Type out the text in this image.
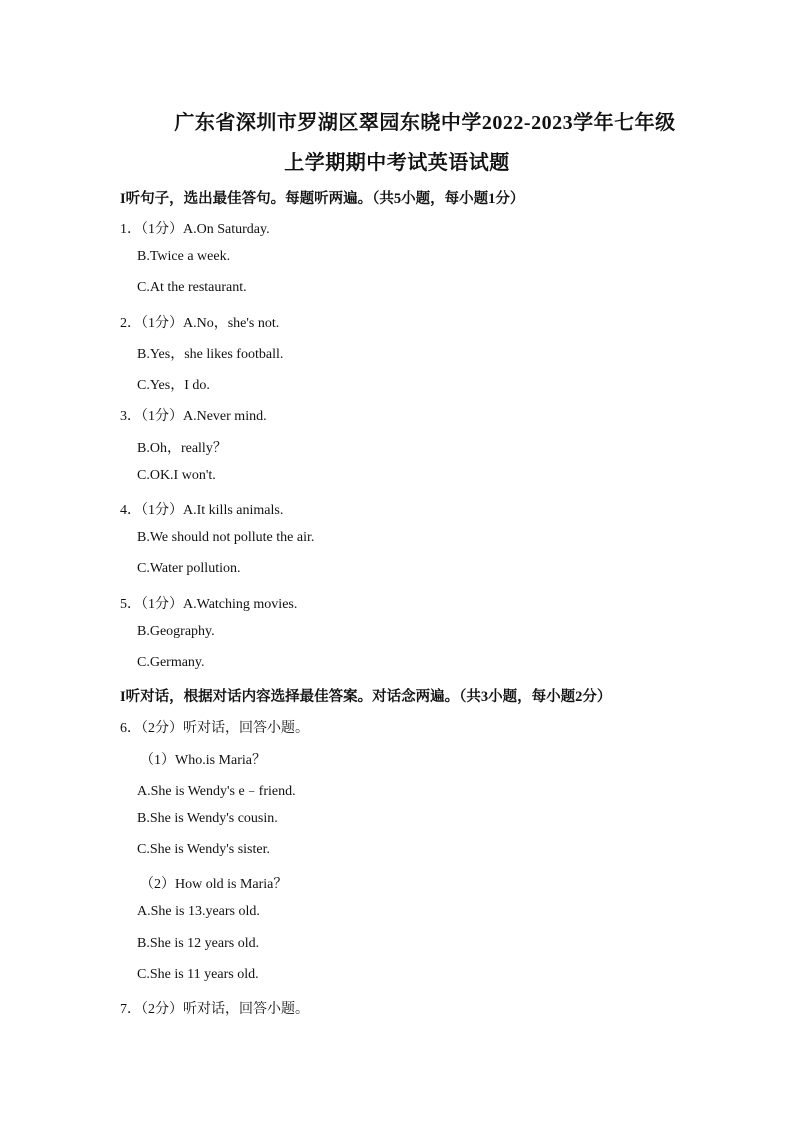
广东省深圳市罗湖区翠园东晓中学2022-2023学年七年级
上学期期中考试英语试题
I听句子，选出最佳答句。每题听两遍。（共5小题，每小题1分）
1．（1分）A.On Saturday.
B.Twice a week.
C.At the restaurant.
2．（1分）A.No，she's not.
B.Yes，she likes football.
C.Yes，I do.
3．（1分）A.Never mind.
B.Oh，really？
C.OK.I won't.
4．（1分）A.It kills animals.
B.We should not pollute the air.
C.Water pollution.
5．（1分）A.Watching movies.
B.Geography.
C.Germany.
I听对话，根据对话内容选择最佳答案。对话念两遍。（共3小题，每小题2分）
6．（2分）听对话，回答小题。
（1）Who.is Maria？
A.She is Wendy's e﹣friend.
B.She is Wendy's cousin.
C.She is Wendy's sister.
（2）How old is Maria？
A.She is 13.years old.
B.She is 12 years old.
C.She is 11 years old.
7．（2分）听对话，回答小题。
